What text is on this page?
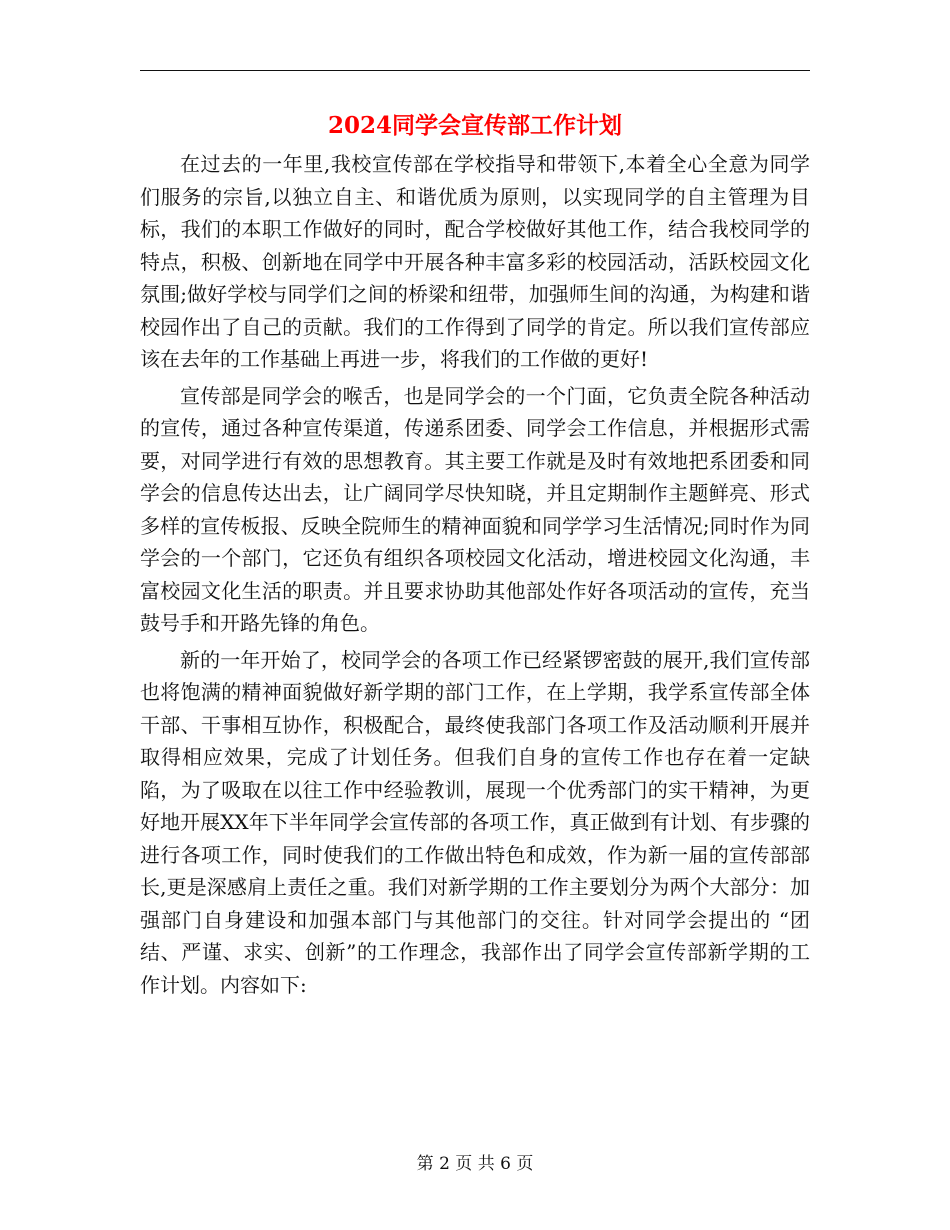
2024同学会宣传部工作计划

在过去的一年里,我校宣传部在学校指导和带领下,本着全心全意为同学们服务的宗旨,以独立自主、和谐优质为原则，以实现同学的自主管理为目标，我们的本职工作做好的同时，配合学校做好其他工作，结合我校同学的特点，积极、创新地在同学中开展各种丰富多彩的校园活动，活跃校园文化氛围;做好学校与同学们之间的桥梁和纽带，加强师生间的沟通，为构建和谐校园作出了自己的贡献。我们的工作得到了同学的肯定。所以我们宣传部应该在去年的工作基础上再进一步，将我们的工作做的更好!

宣传部是同学会的喉舌，也是同学会的一个门面，它负责全院各种活动的宣传，通过各种宣传渠道，传递系团委、同学会工作信息，并根据形式需要，对同学进行有效的思想教育。其主要工作就是及时有效地把系团委和同学会的信息传达出去，让广阔同学尽快知晓，并且定期制作主题鲜亮、形式多样的宣传板报、反映全院师生的精神面貌和同学学习生活情况;同时作为同学会的一个部门，它还负有组织各项校园文化活动，增进校园文化沟通，丰富校园文化生活的职责。并且要求协助其他部处作好各项活动的宣传，充当鼓号手和开路先锋的角色。

新的一年开始了，校同学会的各项工作已经紧锣密鼓的展开,我们宣传部也将饱满的精神面貌做好新学期的部门工作，在上学期，我学系宣传部全体干部、干事相互协作，积极配合，最终使我部门各项工作及活动顺利开展并取得相应效果，完成了计划任务。但我们自身的宣传工作也存在着一定缺陷，为了吸取在以往工作中经验教训，展现一个优秀部门的实干精神，为更好地开展XX年下半年同学会宣传部的各项工作，真正做到有计划、有步骤的进行各项工作，同时使我们的工作做出特色和成效，作为新一届的宣传部部长,更是深感肩上责任之重。我们对新学期的工作主要划分为两个大部分：加强部门自身建设和加强本部门与其他部门的交往。针对同学会提出的 “团结、严谨、求实、创新”的工作理念，我部作出了同学会宣传部新学期的工作计划。内容如下:

第 2 页 共 6 页
